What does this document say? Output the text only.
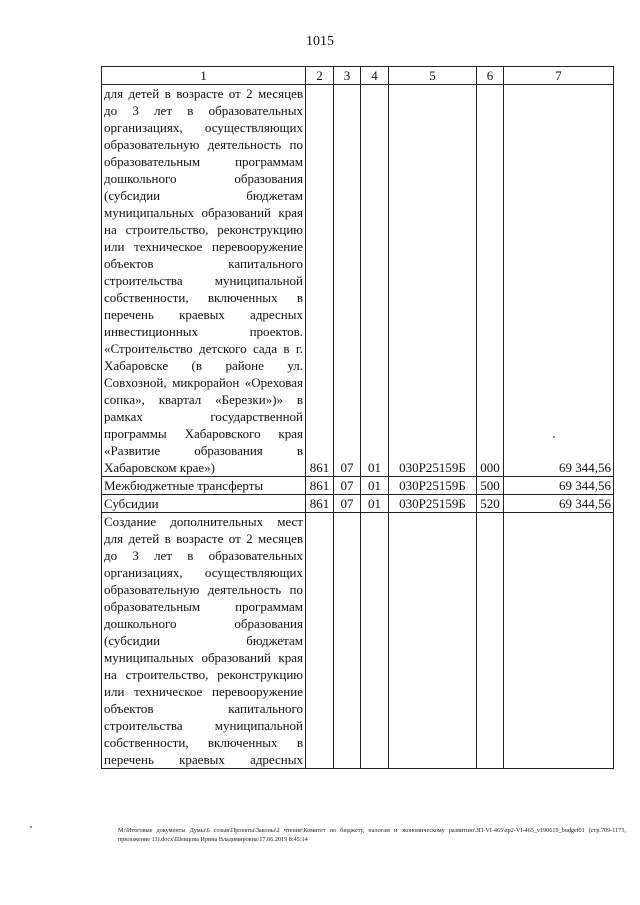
1015
1	2	3	4	5	6	7
для детей в возрасте от 2 месяцев до 3 лет в образовательных организациях, осуществляющих образовательную деятельность по образовательным программам дошкольного образования (субсидии бюджетам муниципальных образований края на строительство, реконструкцию или техническое перевооружение объектов капитального строительства муниципальной собственности, включенных в перечень краевых адресных инвестиционных проектов. «Строительство детского сада в г. Хабаровске (в районе ул. Совхозной, микрорайон «Ореховая сопка», квартал «Березки»)» в рамках государственной программы Хабаровского края «Развитие образования в Хабаровском крае»)	861	07	01	030P25159Б	000	69 344,56
Межбюджетные трансферты	861	07	01	030P25159Б	500	69 344,56
Субсидии	861	07	01	030P25159Б	520	69 344,56
Создание дополнительных мест для детей в возрасте от 2 месяцев до 3 лет в образовательных организациях, осуществляющих образовательную деятельность по образовательным программам дошкольного образования (субсидии бюджетам муниципальных образований края на строительство, реконструкцию или техническое перевооружение объектов капитального строительства муниципальной собственности, включенных в перечень краевых адресных						
М:\Итоговые документы Думы\6 созыв\Проекты\Законы\2 чтение\Комитет по бюджету, налогам и экономическому развитию\ЗП-VI-465\zp2-VI-465_v190619_budget01 (стр.709-1173, приложение 11).docx\Шевцова Ирина Владимировна\17.06.2019 8:45:14
